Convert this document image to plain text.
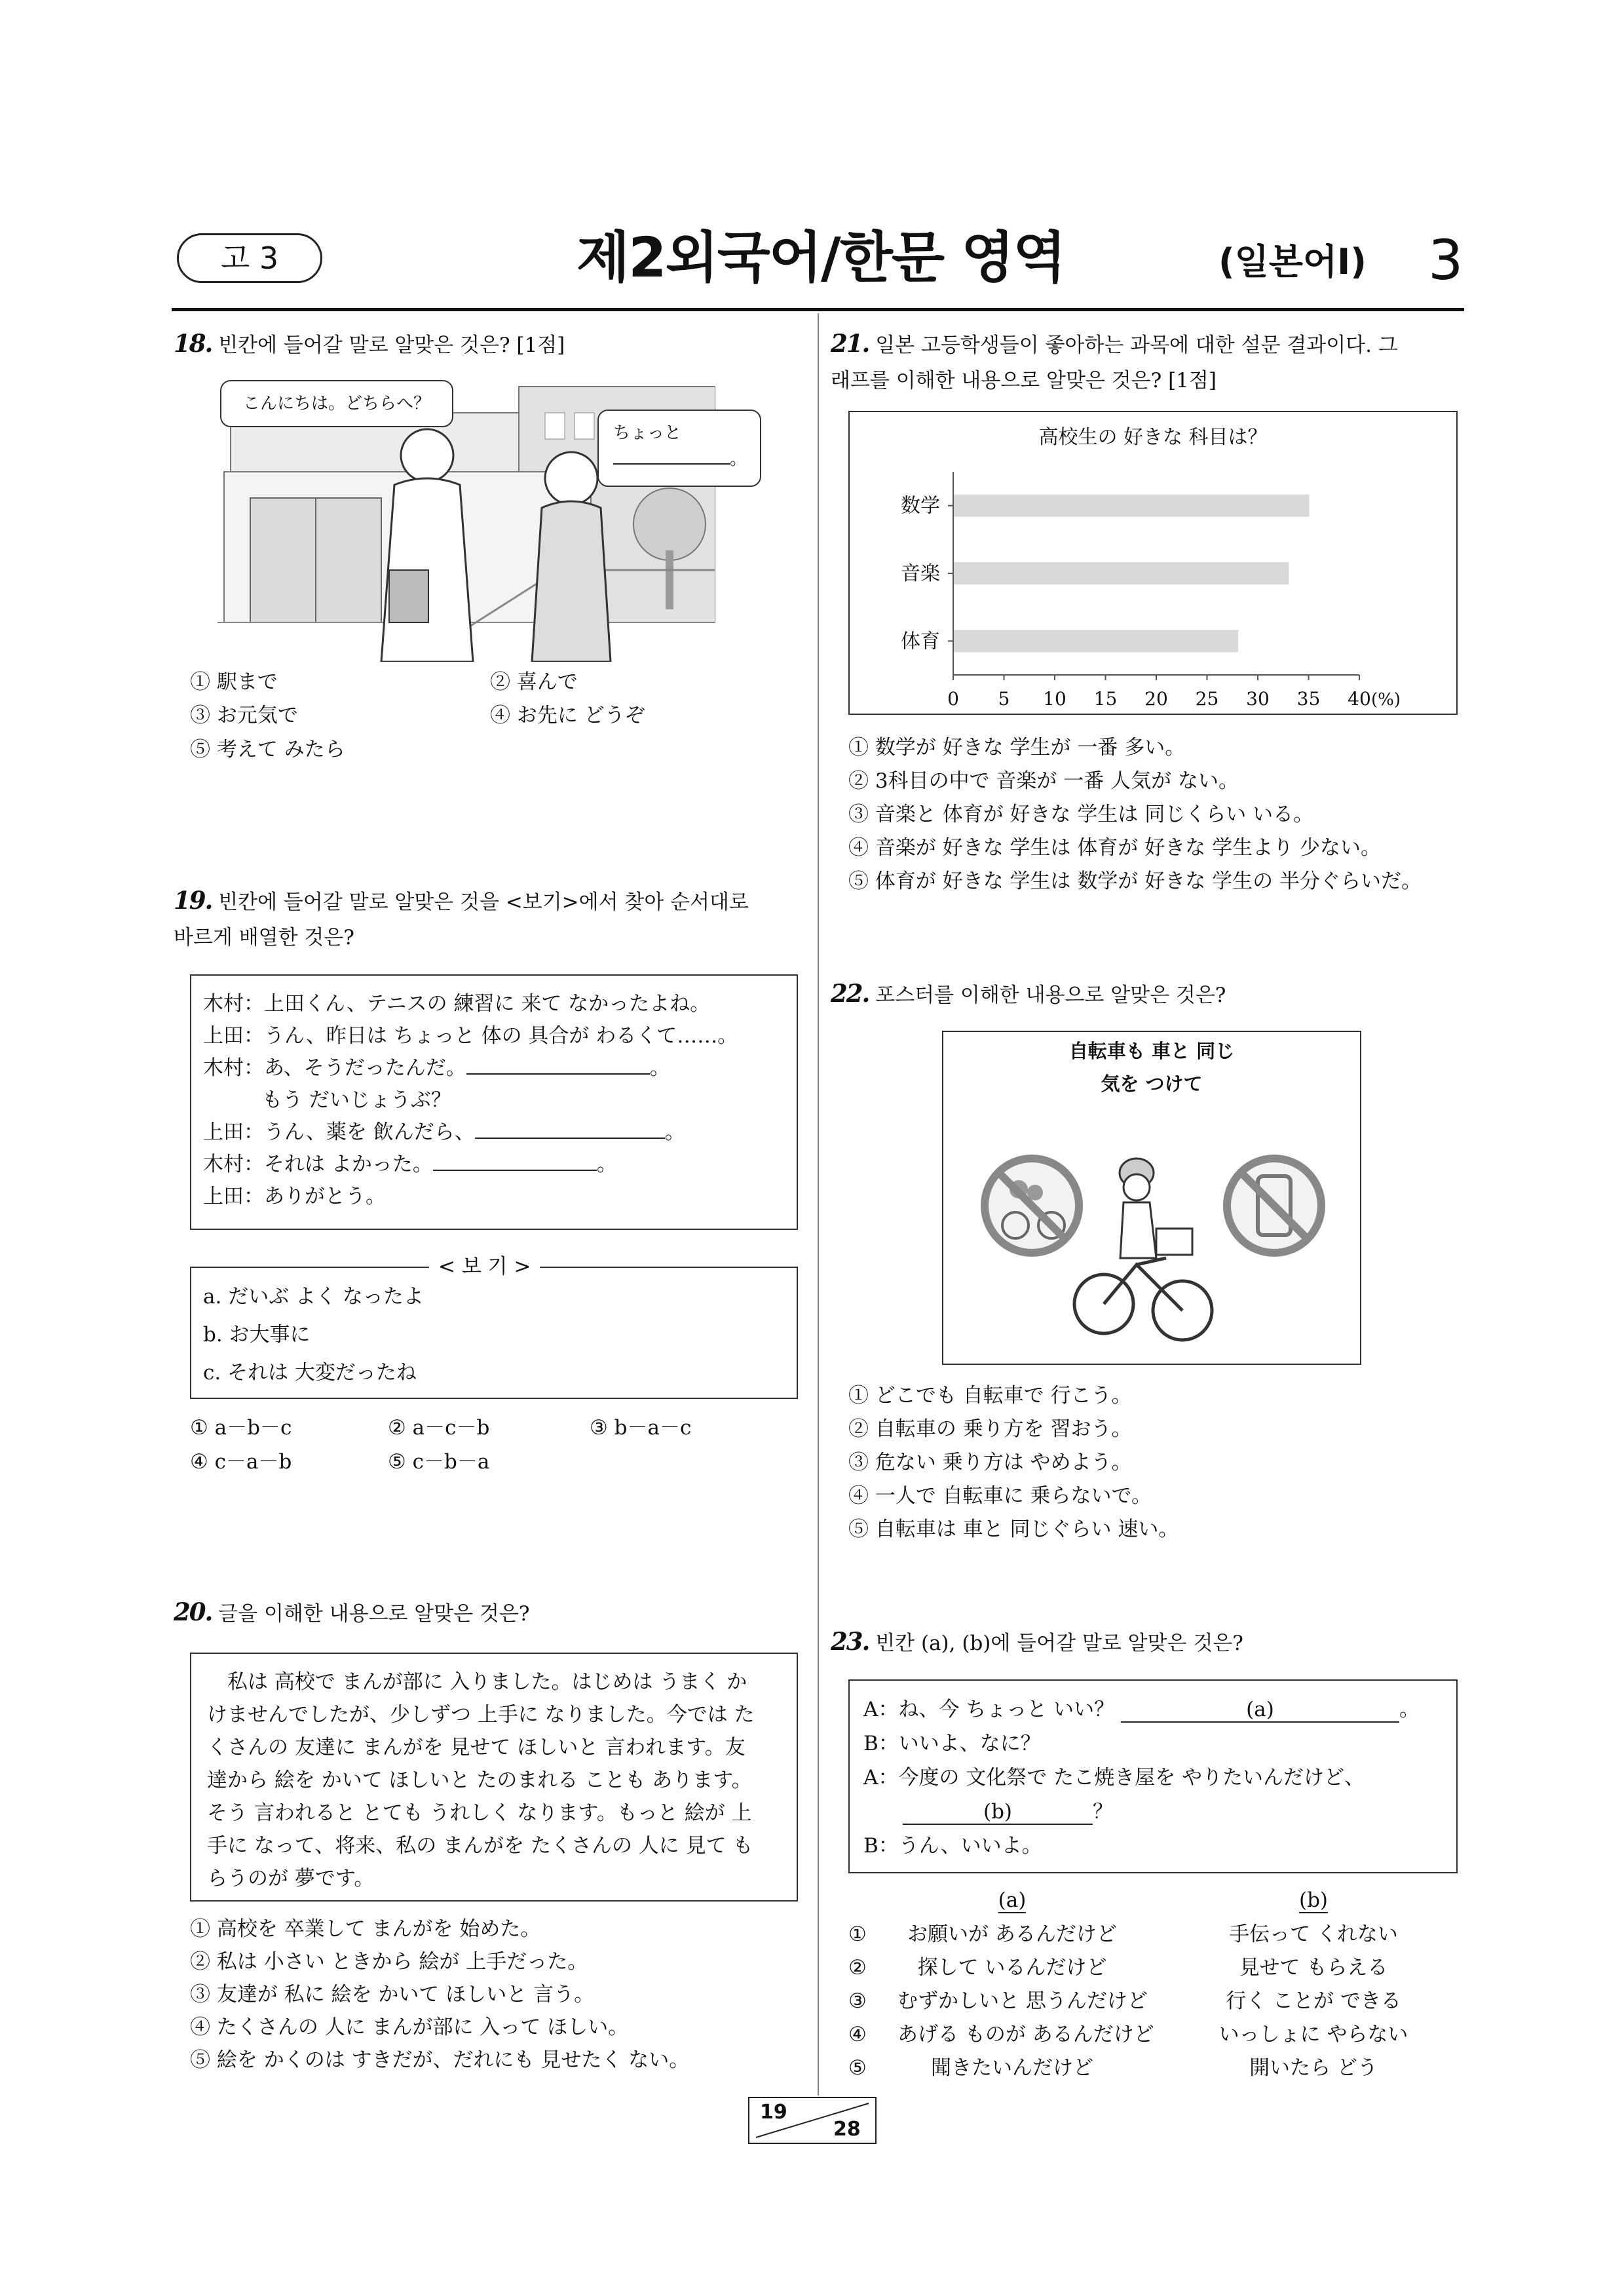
고 3	제2외국어/한문 영역	(일본어Ⅰ) 3
18. 빈칸에 들어갈 말로 알맞은 것은? [1점]
こんにちは。どちらへ？
ちょっと
。
① 駅まで	② 喜んで
③ お元気で	④ お先に どうぞ
⑤ 考えて みたら
19. 빈칸에 들어갈 말로 알맞은 것을 <보기>에서 찾아 순서대로
바르게 배열한 것은?
木村：上田くん、テニスの 練習に 来て なかったよね。
上田：うん、昨日は ちょっと 体の 具合が わるくて……。
木村：あ、そうだったんだ。	。
もう だいじょうぶ？
上田：うん、薬を 飲んだら、	。
木村：それは よかった。	。
上田：ありがとう。
< 보 기 >
a. だいぶ よく なったよ
b. お大事に
c. それは 大変だったね
① a－b－c	② a－c－b	③ b－a－c
④ c－a－b	⑤ c－b－a
20. 글을 이해한 내용으로 알맞은 것은?
　私は 高校で まんが部に 入りました。はじめは うまく か
けませんでしたが、少しずつ 上手に なりました。今では た
くさんの 友達に まんがを 見せて ほしいと 言われます。友
達から 絵を かいて ほしいと たのまれる ことも あります。
そう 言われると とても うれしく なります。もっと 絵が 上
手に なって、将来、私の まんがを たくさんの 人に 見て も
らうのが 夢です。
① 高校を 卒業して まんがを 始めた。
② 私は 小さい ときから 絵が 上手だった。
③ 友達が 私に 絵を かいて ほしいと 言う。
④ たくさんの 人に まんが部に 入って ほしい。
⑤ 絵を かくのは すきだが、だれにも 見せたく ない。
21. 일본 고등학생들이 좋아하는 과목에 대한 설문 결과이다. 그
래프를 이해한 내용으로 알맞은 것은? [1점]
高校生の 好きな 科目は？
数学
音楽
体育
0 5 10 15 20 25 30 35 40 (%)
① 数学が 好きな 学生が 一番 多い。
② 3科目の中で 音楽が 一番 人気が ない。
③ 音楽と 体育が 好きな 学生は 同じくらい いる。
④ 音楽が 好きな 学生は 体育が 好きな 学生より 少ない。
⑤ 体育が 好きな 学生は 数学が 好きな 学生の 半分ぐらいだ。
22. 포스터를 이해한 내용으로 알맞은 것은?
自転車も 車と 同じ
気を つけて
① どこでも 自転車で 行こう。
② 自転車の 乗り方を 習おう。
③ 危ない 乗り方は やめよう。
④ 一人で 自転車に 乗らないで。
⑤ 自転車は 車と 同じぐらい 速い。
23. 빈칸 (a), (b)에 들어갈 말로 알맞은 것은?
A：ね、今 ちょっと いい？	(a)	。
B：いいよ、なに？
A：今度の 文化祭で たこ焼き屋を やりたいんだけど、
(b)	？
B：うん、いいよ。
(a)	(b)
①	お願いが あるんだけど	手伝って くれない
②	探して いるんだけど	見せて もらえる
③ むずかしいと 思うんだけど	行く ことが できる
④ あげる ものが あるんだけど	いっしょに やらない
⑤	聞きたいんだけど	開いたら どう
19
28
